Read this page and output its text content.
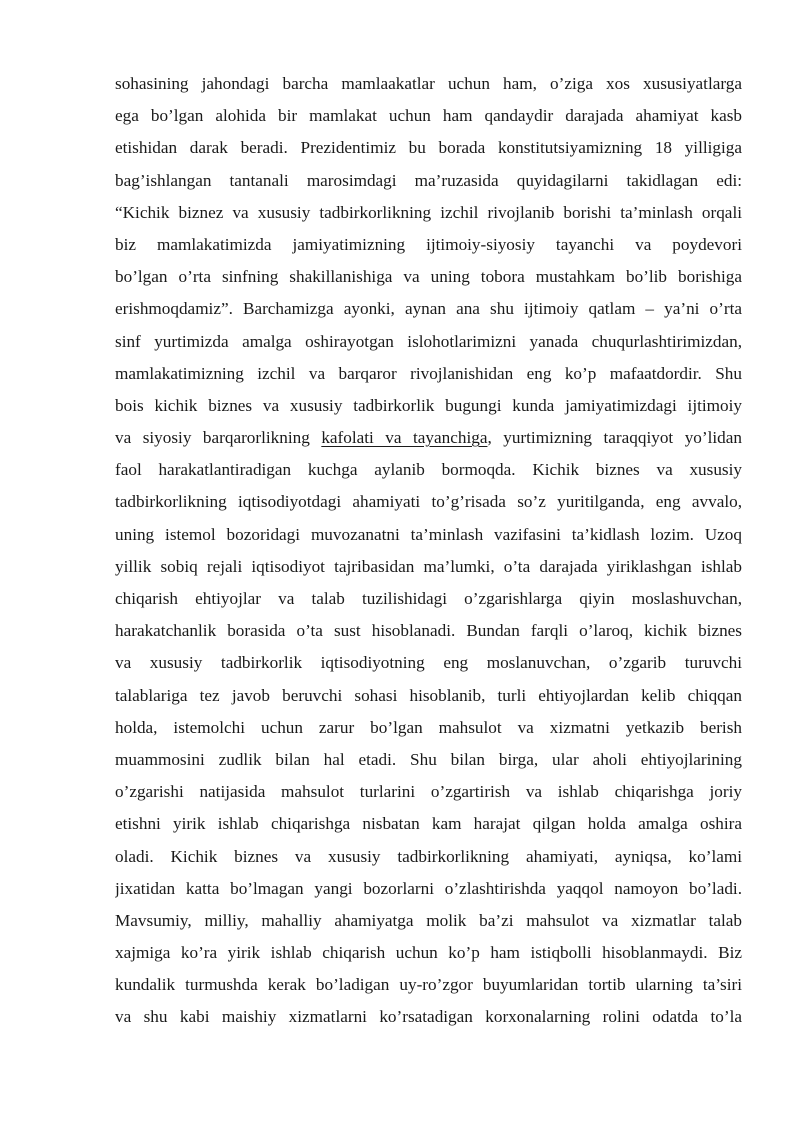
sohasining jahondagi barcha mamlaakatlar uchun ham, o’ziga xos xususiyatlarga
ega bo’lgan alohida bir mamlakat uchun ham qandaydir darajada ahamiyat kasb
etishidan darak beradi. Prezidentimiz bu borada konstitutsiyamizning 18 yilligiga
bag’ishlangan tantanali marosimdagi ma’ruzasida quyidagilarni takidlagan edi:
“Kichik biznez va xususiy tadbirkorlikning izchil rivojlanib borishi ta’minlash orqali
biz mamlakatimizda jamiyatimizning ijtimoiy-siyosiy tayanchi va poydevori
bo’lgan o’rta sinfning shakillanishiga va uning tobora mustahkam bo’lib borishiga
erishmoqdamiz”. Barchamizga ayonki, aynan ana shu ijtimoiy qatlam – ya’ni o’rta
sinf yurtimizda amalga oshirayotgan islohotlarimizni yanada chuqurlashtirimizdan,
mamlakatimizning izchil va barqaror rivojlanishidan eng ko’p mafaatdordir. Shu
bois kichik biznes va xususiy tadbirkorlik bugungi kunda jamiyatimizdagi ijtimoiy
va siyosiy barqarorlikning kafolati va tayanchiga, yurtimizning taraqqiyot yo’lidan
faol harakatlantiradigan kuchga aylanib bormoqda. Kichik biznes va xususiy
tadbirkorlikning iqtisodiyotdagi ahamiyati to’g’risada so’z yuritilganda, eng avvalo,
uning istemol bozoridagi muvozanatni ta’minlash vazifasini ta’kidlash lozim. Uzoq
yillik sobiq rejali iqtisodiyot tajribasidan ma’lumki, o’ta darajada yiriklashgan ishlab
chiqarish ehtiyojlar va talab tuzilishidagi o’zgarishlarga qiyin moslashuvchan,
harakatchanlik borasida o’ta sust hisoblanadi. Bundan farqli o’laroq, kichik biznes
va xususiy tadbirkorlik iqtisodiyotning eng moslanuvchan, o’zgarib turuvchi
talablariga tez javob beruvchi sohasi hisoblanib, turli ehtiyojlardan kelib chiqqan
holda, istemolchi uchun zarur bo’lgan mahsulot va xizmatni yetkazib berish
muammosini zudlik bilan hal etadi. Shu bilan birga, ular aholi ehtiyojlarining
o’zgarishi natijasida mahsulot turlarini o’zgartirish va ishlab chiqarishga joriy
etishni yirik ishlab chiqarishga nisbatan kam harajat qilgan holda amalga oshira
oladi. Kichik biznes va xususiy tadbirkorlikning ahamiyati, ayniqsa, ko’lami
jixatidan katta bo’lmagan yangi bozorlarni o’zlashtirishda yaqqol namoyon bo’ladi.
Mavsumiy, milliy, mahalliy ahamiyatga molik ba’zi mahsulot va xizmatlar talab
xajmiga ko’ra yirik ishlab chiqarish uchun ko’p ham istiqbolli hisoblanmaydi. Biz
kundalik turmushda kerak bo’ladigan uy-ro’zgor buyumlaridan tortib ularning ta’siri
va shu kabi maishiy xizmatlarni ko’rsatadigan korxonalarning rolini odatda to’la
